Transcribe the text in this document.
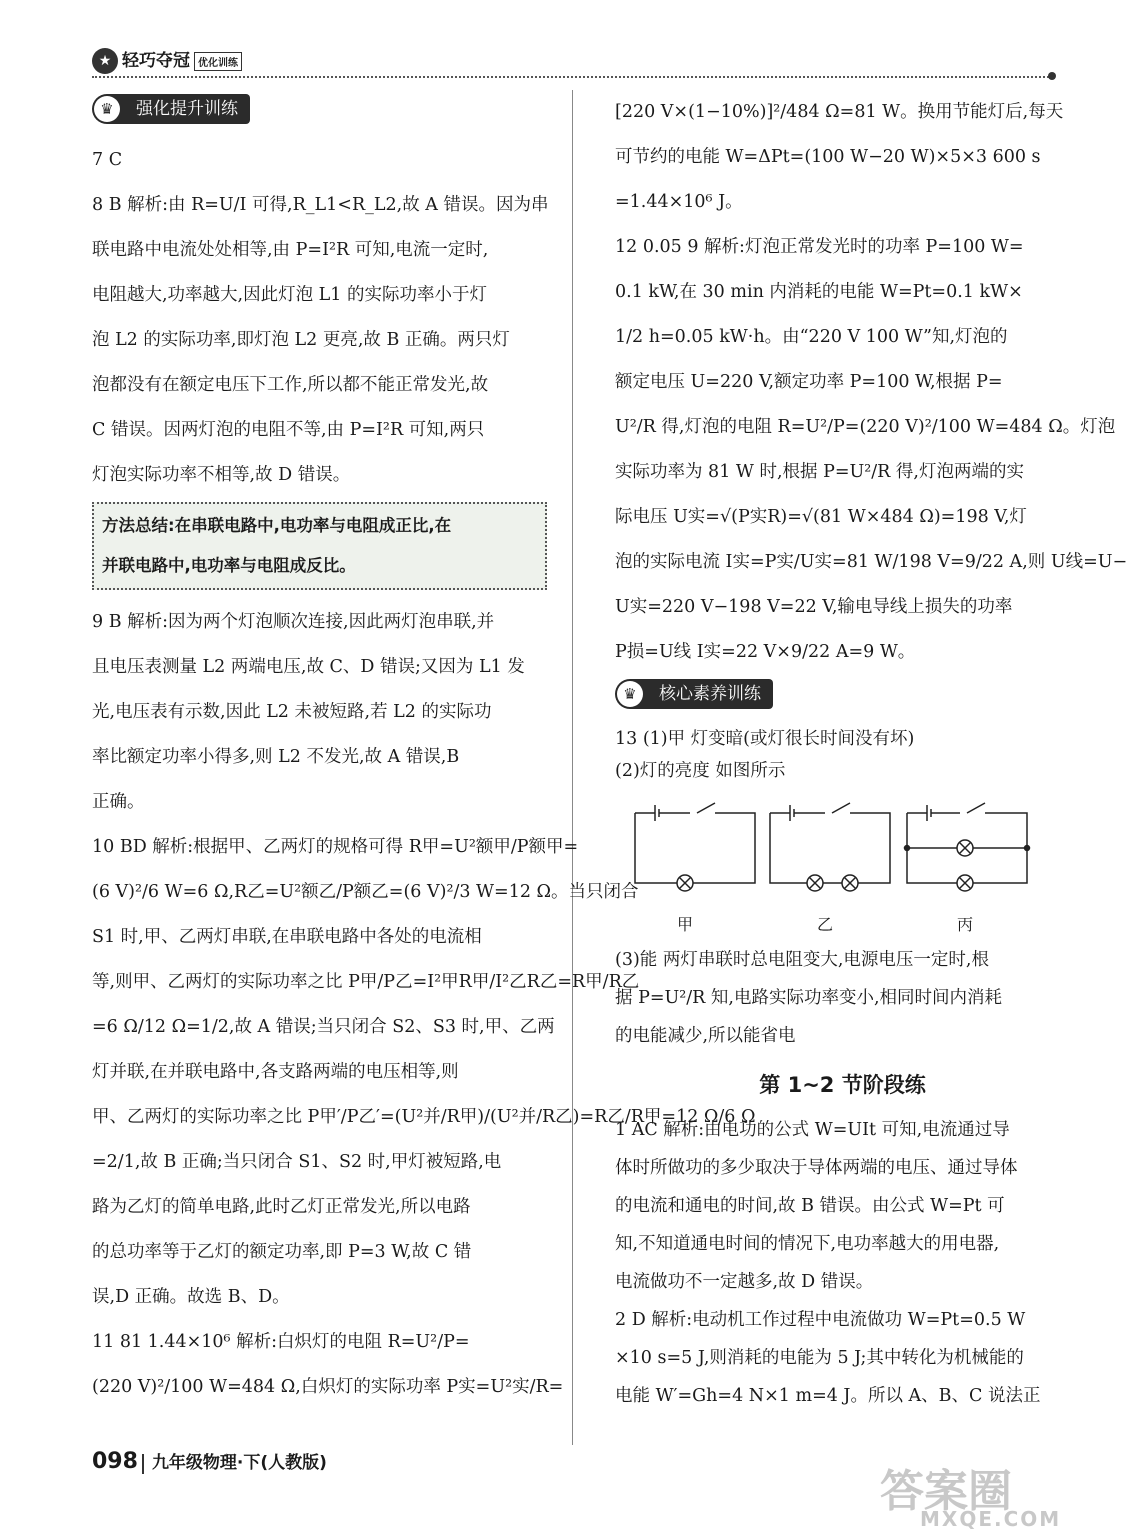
★ 轻巧夺冠 优化训练
♛	强化提升训练
7 C
8 B 解析:由 R=U/I 可得,R_L1<R_L2,故 A 错误。因为串
联电路中电流处处相等,由 P=I²R 可知,电流一定时,
电阻越大,功率越大,因此灯泡 L1 的实际功率小于灯
泡 L2 的实际功率,即灯泡 L2 更亮,故 B 正确。两只灯
泡都没有在额定电压下工作,所以都不能正常发光,故
C 错误。因两灯泡的电阻不等,由 P=I²R 可知,两只
灯泡实际功率不相等,故 D 错误。
方法总结:在串联电路中,电功率与电阻成正比,在
并联电路中,电功率与电阻成反比。
9 B 解析:因为两个灯泡顺次连接,因此两灯泡串联,并
且电压表测量 L2 两端电压,故 C、D 错误;又因为 L1 发
光,电压表有示数,因此 L2 未被短路,若 L2 的实际功
率比额定功率小得多,则 L2 不发光,故 A 错误,B
正确。
10 BD 解析:根据甲、乙两灯的规格可得 R甲=U²额甲/P额甲=
(6 V)²/6 W=6 Ω,R乙=U²额乙/P额乙=(6 V)²/3 W=12 Ω。当只闭合
S1 时,甲、乙两灯串联,在串联电路中各处的电流相
等,则甲、乙两灯的实际功率之比 P甲/P乙=I²甲R甲/I²乙R乙=R甲/R乙
=6 Ω/12 Ω=1/2,故 A 错误;当只闭合 S2、S3 时,甲、乙两
灯并联,在并联电路中,各支路两端的电压相等,则
甲、乙两灯的实际功率之比 P甲′/P乙′=(U²并/R甲)/(U²并/R乙)=R乙/R甲=12 Ω/6 Ω
=2/1,故 B 正确;当只闭合 S1、S2 时,甲灯被短路,电
路为乙灯的简单电路,此时乙灯正常发光,所以电路
的总功率等于乙灯的额定功率,即 P=3 W,故 C 错
误,D 正确。故选 B、D。
11 81 1.44×10⁶ 解析:白炽灯的电阻 R=U²/P=
(220 V)²/100 W=484 Ω,白炽灯的实际功率 P实=U²实/R=
[220 V×(1−10%)]²/484 Ω=81 W。换用节能灯后,每天
可节约的电能 W=ΔPt=(100 W−20 W)×5×3 600 s
=1.44×10⁶ J。
12 0.05 9 解析:灯泡正常发光时的功率 P=100 W=
0.1 kW,在 30 min 内消耗的电能 W=Pt=0.1 kW×
1/2 h=0.05 kW·h。由“220 V 100 W”知,灯泡的
额定电压 U=220 V,额定功率 P=100 W,根据 P=
U²/R 得,灯泡的电阻 R=U²/P=(220 V)²/100 W=484 Ω。灯泡
实际功率为 81 W 时,根据 P=U²/R 得,灯泡两端的实
际电压 U实=√(P实R)=√(81 W×484 Ω)=198 V,灯
泡的实际电流 I实=P实/U实=81 W/198 V=9/22 A,则 U线=U−
U实=220 V−198 V=22 V,输电导线上损失的功率
P损=U线 I实=22 V×9/22 A=9 W。
♛	核心素养训练
13 (1)甲 灯变暗(或灯很长时间没有坏)
(2)灯的亮度 如图所示
甲	乙	丙
(3)能 两灯串联时总电阻变大,电源电压一定时,根
据 P=U²/R 知,电路实际功率变小,相同时间内消耗
的电能减少,所以能省电
第 1~2 节阶段练
1 AC 解析:由电功的公式 W=UIt 可知,电流通过导
体时所做功的多少取决于导体两端的电压、通过导体
的电流和通电的时间,故 B 错误。由公式 W=Pt 可
知,不知道通电时间的情况下,电功率越大的用电器,
电流做功不一定越多,故 D 错误。
2 D 解析:电动机工作过程中电流做功 W=Pt=0.5 W
×10 s=5 J,则消耗的电能为 5 J;其中转化为机械能的
电能 W′=Gh=4 N×1 m=4 J。所以 A、B、C 说法正
098 九年级物理·下(人教版)
答案圈
MXQE.COM
